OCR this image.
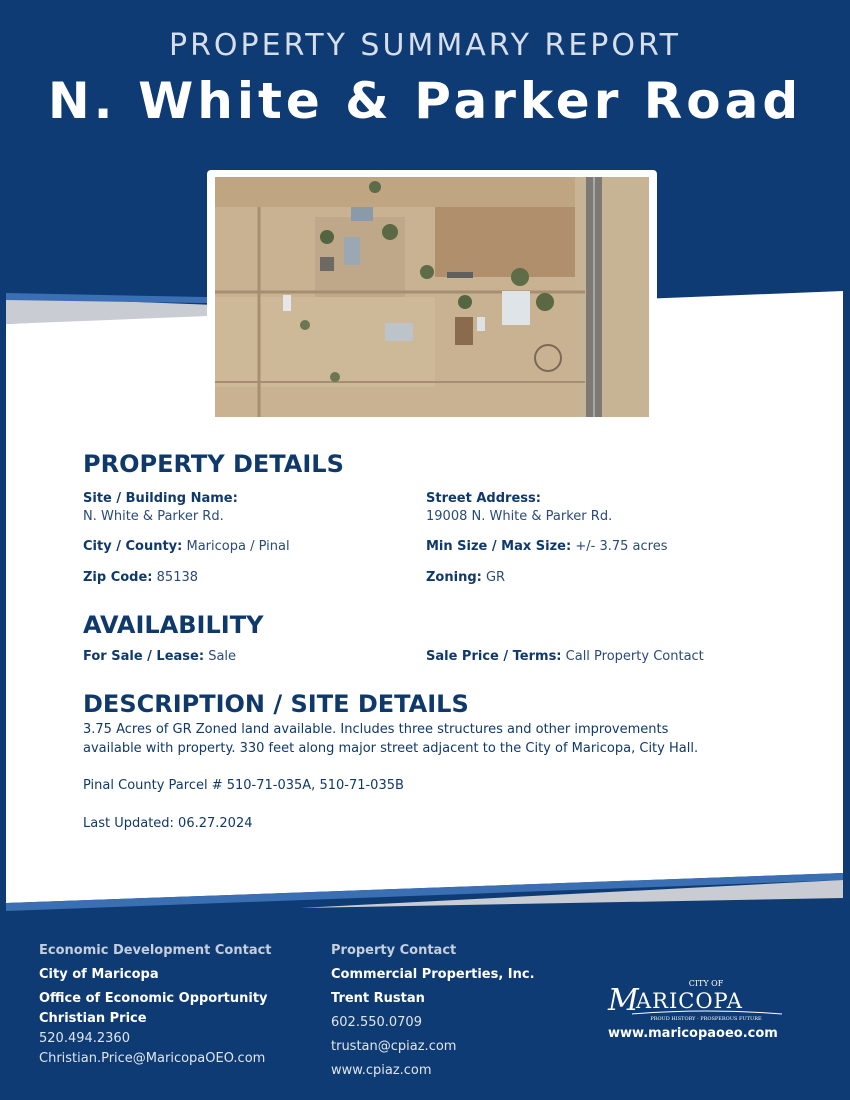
PROPERTY SUMMARY REPORT
N. White & Parker Road
PROPERTY DETAILS
Site / Building Name:
N. White & Parker Rd.
Street Address:
19008 N. White & Parker Rd.
City / County: Maricopa / Pinal	Min Size / Max Size: +/- 3.75 acres
Zip Code: 85138	Zoning: GR
AVAILABILITY
For Sale / Lease: Sale	Sale Price / Terms: Call Property Contact
DESCRIPTION / SITE DETAILS
3.75 Acres of GR Zoned land available. Includes three structures and other improvements
available with property. 330 feet along major street adjacent to the City of Maricopa, City Hall.
Pinal County Parcel # 510-71-035A, 510-71-035B
Last Updated: 06.27.2024
Economic Development Contact
City of Maricopa
Office of Economic Opportunity
Christian Price
520.494.2360
Christian.Price@MaricopaOEO.com
Property Contact
Commercial Properties, Inc.
Trent Rustan
602.550.0709
trustan@cpiaz.com
www.cpiaz.com
CITY OF
M
ARICOPA
PROUD HISTORY · PROSPEROUS FUTURE
www.maricopaoeo.com
